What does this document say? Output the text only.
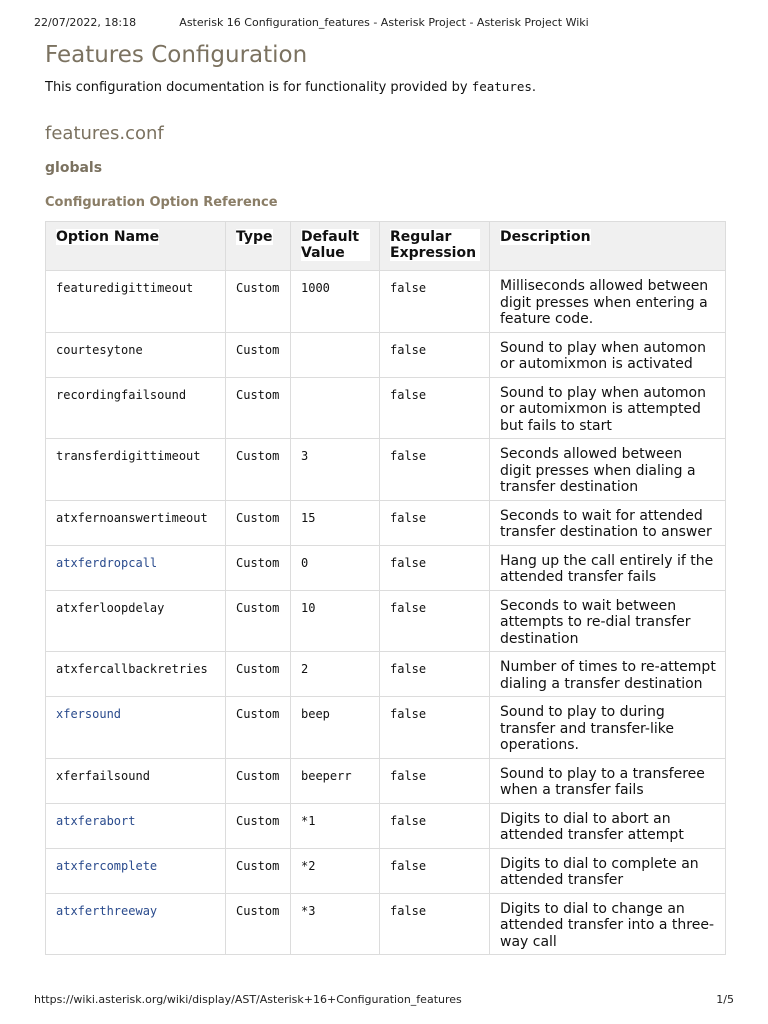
22/07/2022, 18:18	Asterisk 16 Configuration_features - Asterisk Project - Asterisk Project Wiki
Features Configuration
This configuration documentation is for functionality provided by features.
features.conf
globals
Configuration Option Reference
Option Name	Type	Default Value	Regular Expression	Description
featuredigittimeout	Custom	1000	false	Milliseconds allowed between digit presses when entering a feature code.
courtesytone	Custom		false	Sound to play when automon or automixmon is activated
recordingfailsound	Custom		false	Sound to play when automon or automixmon is attempted but fails to start
transferdigittimeout	Custom	3	false	Seconds allowed between digit presses when dialing a transfer destination
atxfernoanswertimeout	Custom	15	false	Seconds to wait for attended transfer destination to answer
atxferdropcall	Custom	0	false	Hang up the call entirely if the attended transfer fails
atxferloopdelay	Custom	10	false	Seconds to wait between attempts to re-dial transfer destination
atxfercallbackretries	Custom	2	false	Number of times to re-attempt dialing a transfer destination
xfersound	Custom	beep	false	Sound to play to during transfer and transfer-like operations.
xferfailsound	Custom	beeperr	false	Sound to play to a transferee when a transfer fails
atxferabort	Custom	*1	false	Digits to dial to abort an attended transfer attempt
atxfercomplete	Custom	*2	false	Digits to dial to complete an attended transfer
atxferthreeway	Custom	*3	false	Digits to dial to change an attended transfer into a three-way call
https://wiki.asterisk.org/wiki/display/AST/Asterisk+16+Configuration_features	1/5
